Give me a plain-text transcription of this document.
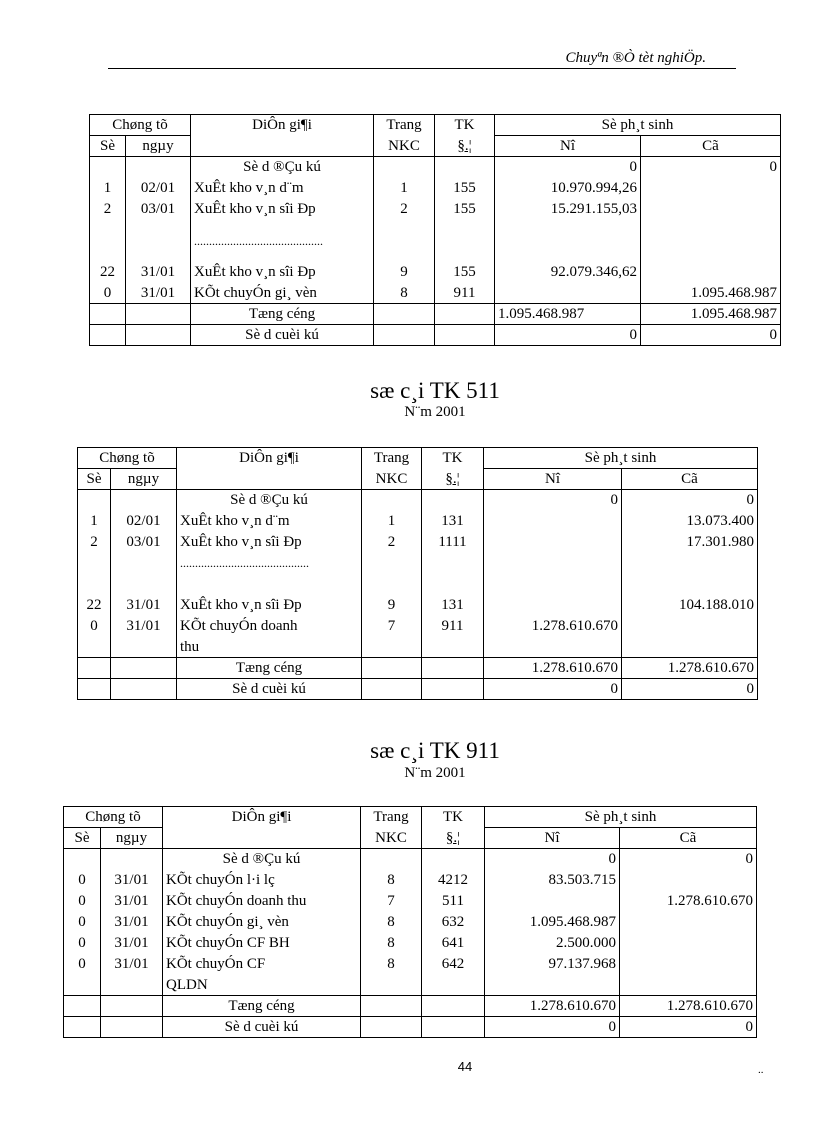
Chuyªn ®Ò tèt nghiÖp.
Chøng tõ		DiÔn gi¶i	Trang	TK	Sè ph¸t sinh	
Sè	ngµy		NKC	§.¦	Nî	Cã
		Sè d ®Çu kú			0	0
1	02/01	XuÊt kho v¸n d¨m	1	155	10.970.994,26	
2	03/01	XuÊt kho v¸n sîi Ðp	2	155	15.291.155,03	
		...........................................				
22	31/01	XuÊt kho v¸n sîi Ðp	9	155	92.079.346,62	
0	31/01	KÕt chuyÓn gi¸ vèn	8	911		1.095.468.987
		Tæng céng			1.095.468.987	1.095.468.987
		Sè d cuèi kú			0	0
sæ c¸i TK 511
N¨m 2001
Chøng tõ		DiÔn gi¶i	Trang	TK	Sè ph¸t sinh	
Sè	ngµy		NKC	§.¦	Nî	Cã
		Sè d ®Çu kú			0	0
1	02/01	XuÊt kho v¸n d¨m	1	131		13.073.400
2	03/01	XuÊt kho v¸n sîi Ðp	2	1111		17.301.980
		...........................................				
22	31/01	XuÊt kho v¸n sîi Ðp	9	131		104.188.010
0	31/01	KÕt chuyÓn doanh	7	911	1.278.610.670	
		thu				
		Tæng céng			1.278.610.670	1.278.610.670
		Sè d cuèi kú			0	0
sæ c¸i TK 911
N¨m 2001
Chøng tõ		DiÔn gi¶i	Trang	TK	Sè ph¸t sinh	
Sè	ngµy		NKC	§.¦	Nî	Cã
		Sè d ®Çu kú			0	0
0	31/01	KÕt chuyÓn l·i lç	8	4212	83.503.715	
0	31/01	KÕt chuyÓn doanh thu	7	511		1.278.610.670
0	31/01	KÕt chuyÓn gi¸ vèn	8	632	1.095.468.987	
0	31/01	KÕt chuyÓn CF BH	8	641	2.500.000	
0	31/01	KÕt chuyÓn CF	8	642	97.137.968	
		QLDN				
		Tæng céng			1.278.610.670	1.278.610.670
		Sè d cuèi kú			0	0
44	..
